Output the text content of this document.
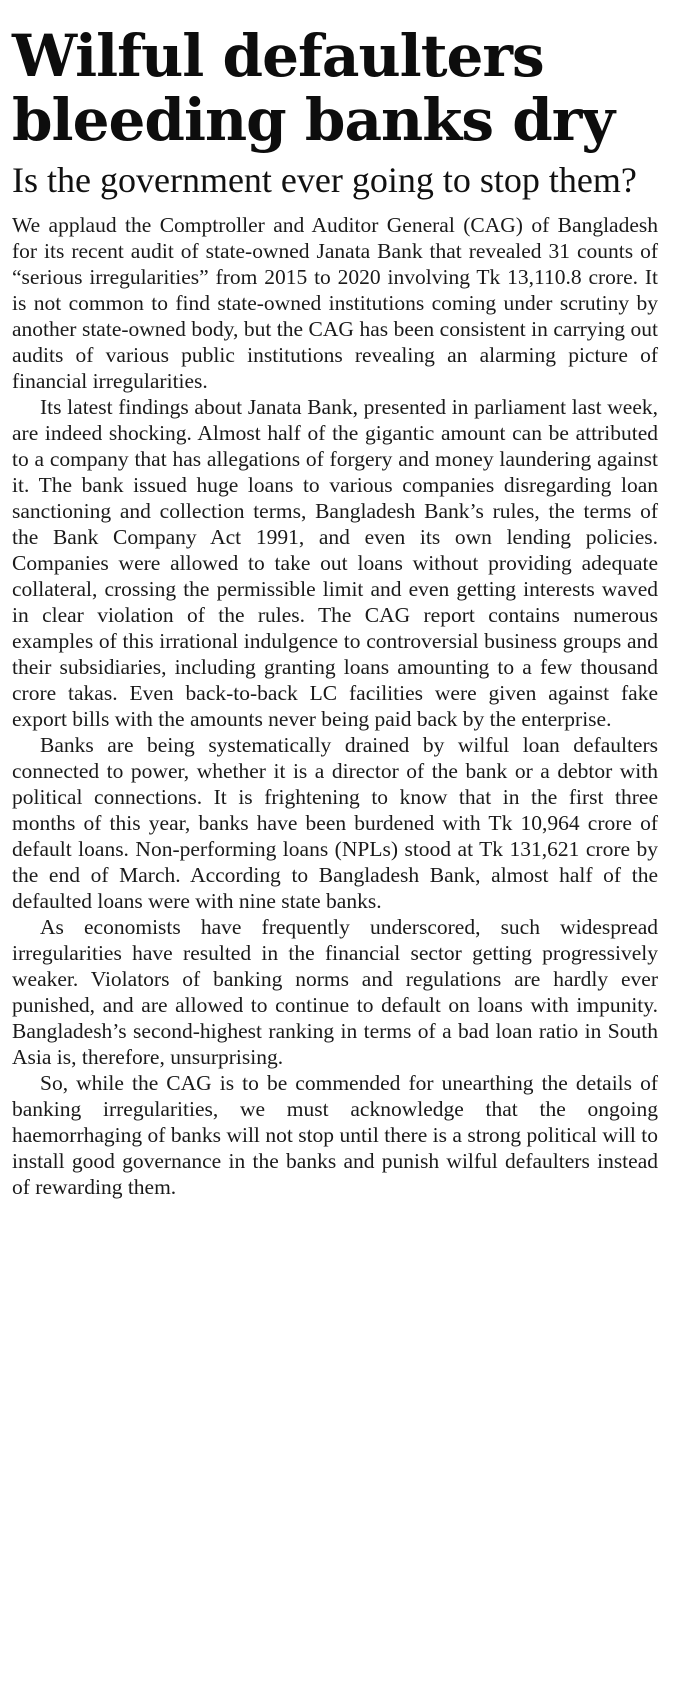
Wilful defaulters bleeding banks dry
Is the government ever going to stop them?

We applaud the Comptroller and Auditor General (CAG) of Bangladesh for its recent audit of state-owned Janata Bank that revealed 31 counts of “serious irregularities” from 2015 to 2020 involving Tk 13,110.8 crore. It is not common to find state-owned institutions coming under scrutiny by another state-owned body, but the CAG has been consistent in carrying out audits of various public institutions revealing an alarming picture of financial irregularities.

Its latest findings about Janata Bank, presented in parliament last week, are indeed shocking. Almost half of the gigantic amount can be attributed to a company that has allegations of forgery and money laundering against it. The bank issued huge loans to various companies disregarding loan sanctioning and collection terms, Bangladesh Bank’s rules, the terms of the Bank Company Act 1991, and even its own lending policies. Companies were allowed to take out loans without providing adequate collateral, crossing the permissible limit and even getting interests waved in clear violation of the rules. The CAG report contains numerous examples of this irrational indulgence to controversial business groups and their subsidiaries, including granting loans amounting to a few thousand crore takas. Even back-to-back LC facilities were given against fake export bills with the amounts never being paid back by the enterprise.

Banks are being systematically drained by wilful loan defaulters connected to power, whether it is a director of the bank or a debtor with political connections. It is frightening to know that in the first three months of this year, banks have been burdened with Tk 10,964 crore of default loans. Non-performing loans (NPLs) stood at Tk 131,621 crore by the end of March. According to Bangladesh Bank, almost half of the defaulted loans were with nine state banks.

As economists have frequently underscored, such widespread irregularities have resulted in the financial sector getting progressively weaker. Violators of banking norms and regulations are hardly ever punished, and are allowed to continue to default on loans with impunity. Bangladesh’s second-highest ranking in terms of a bad loan ratio in South Asia is, therefore, unsurprising.

So, while the CAG is to be commended for unearthing the details of banking irregularities, we must acknowledge that the ongoing haemorrhaging of banks will not stop until there is a strong political will to install good governance in the banks and punish wilful defaulters instead of rewarding them.
